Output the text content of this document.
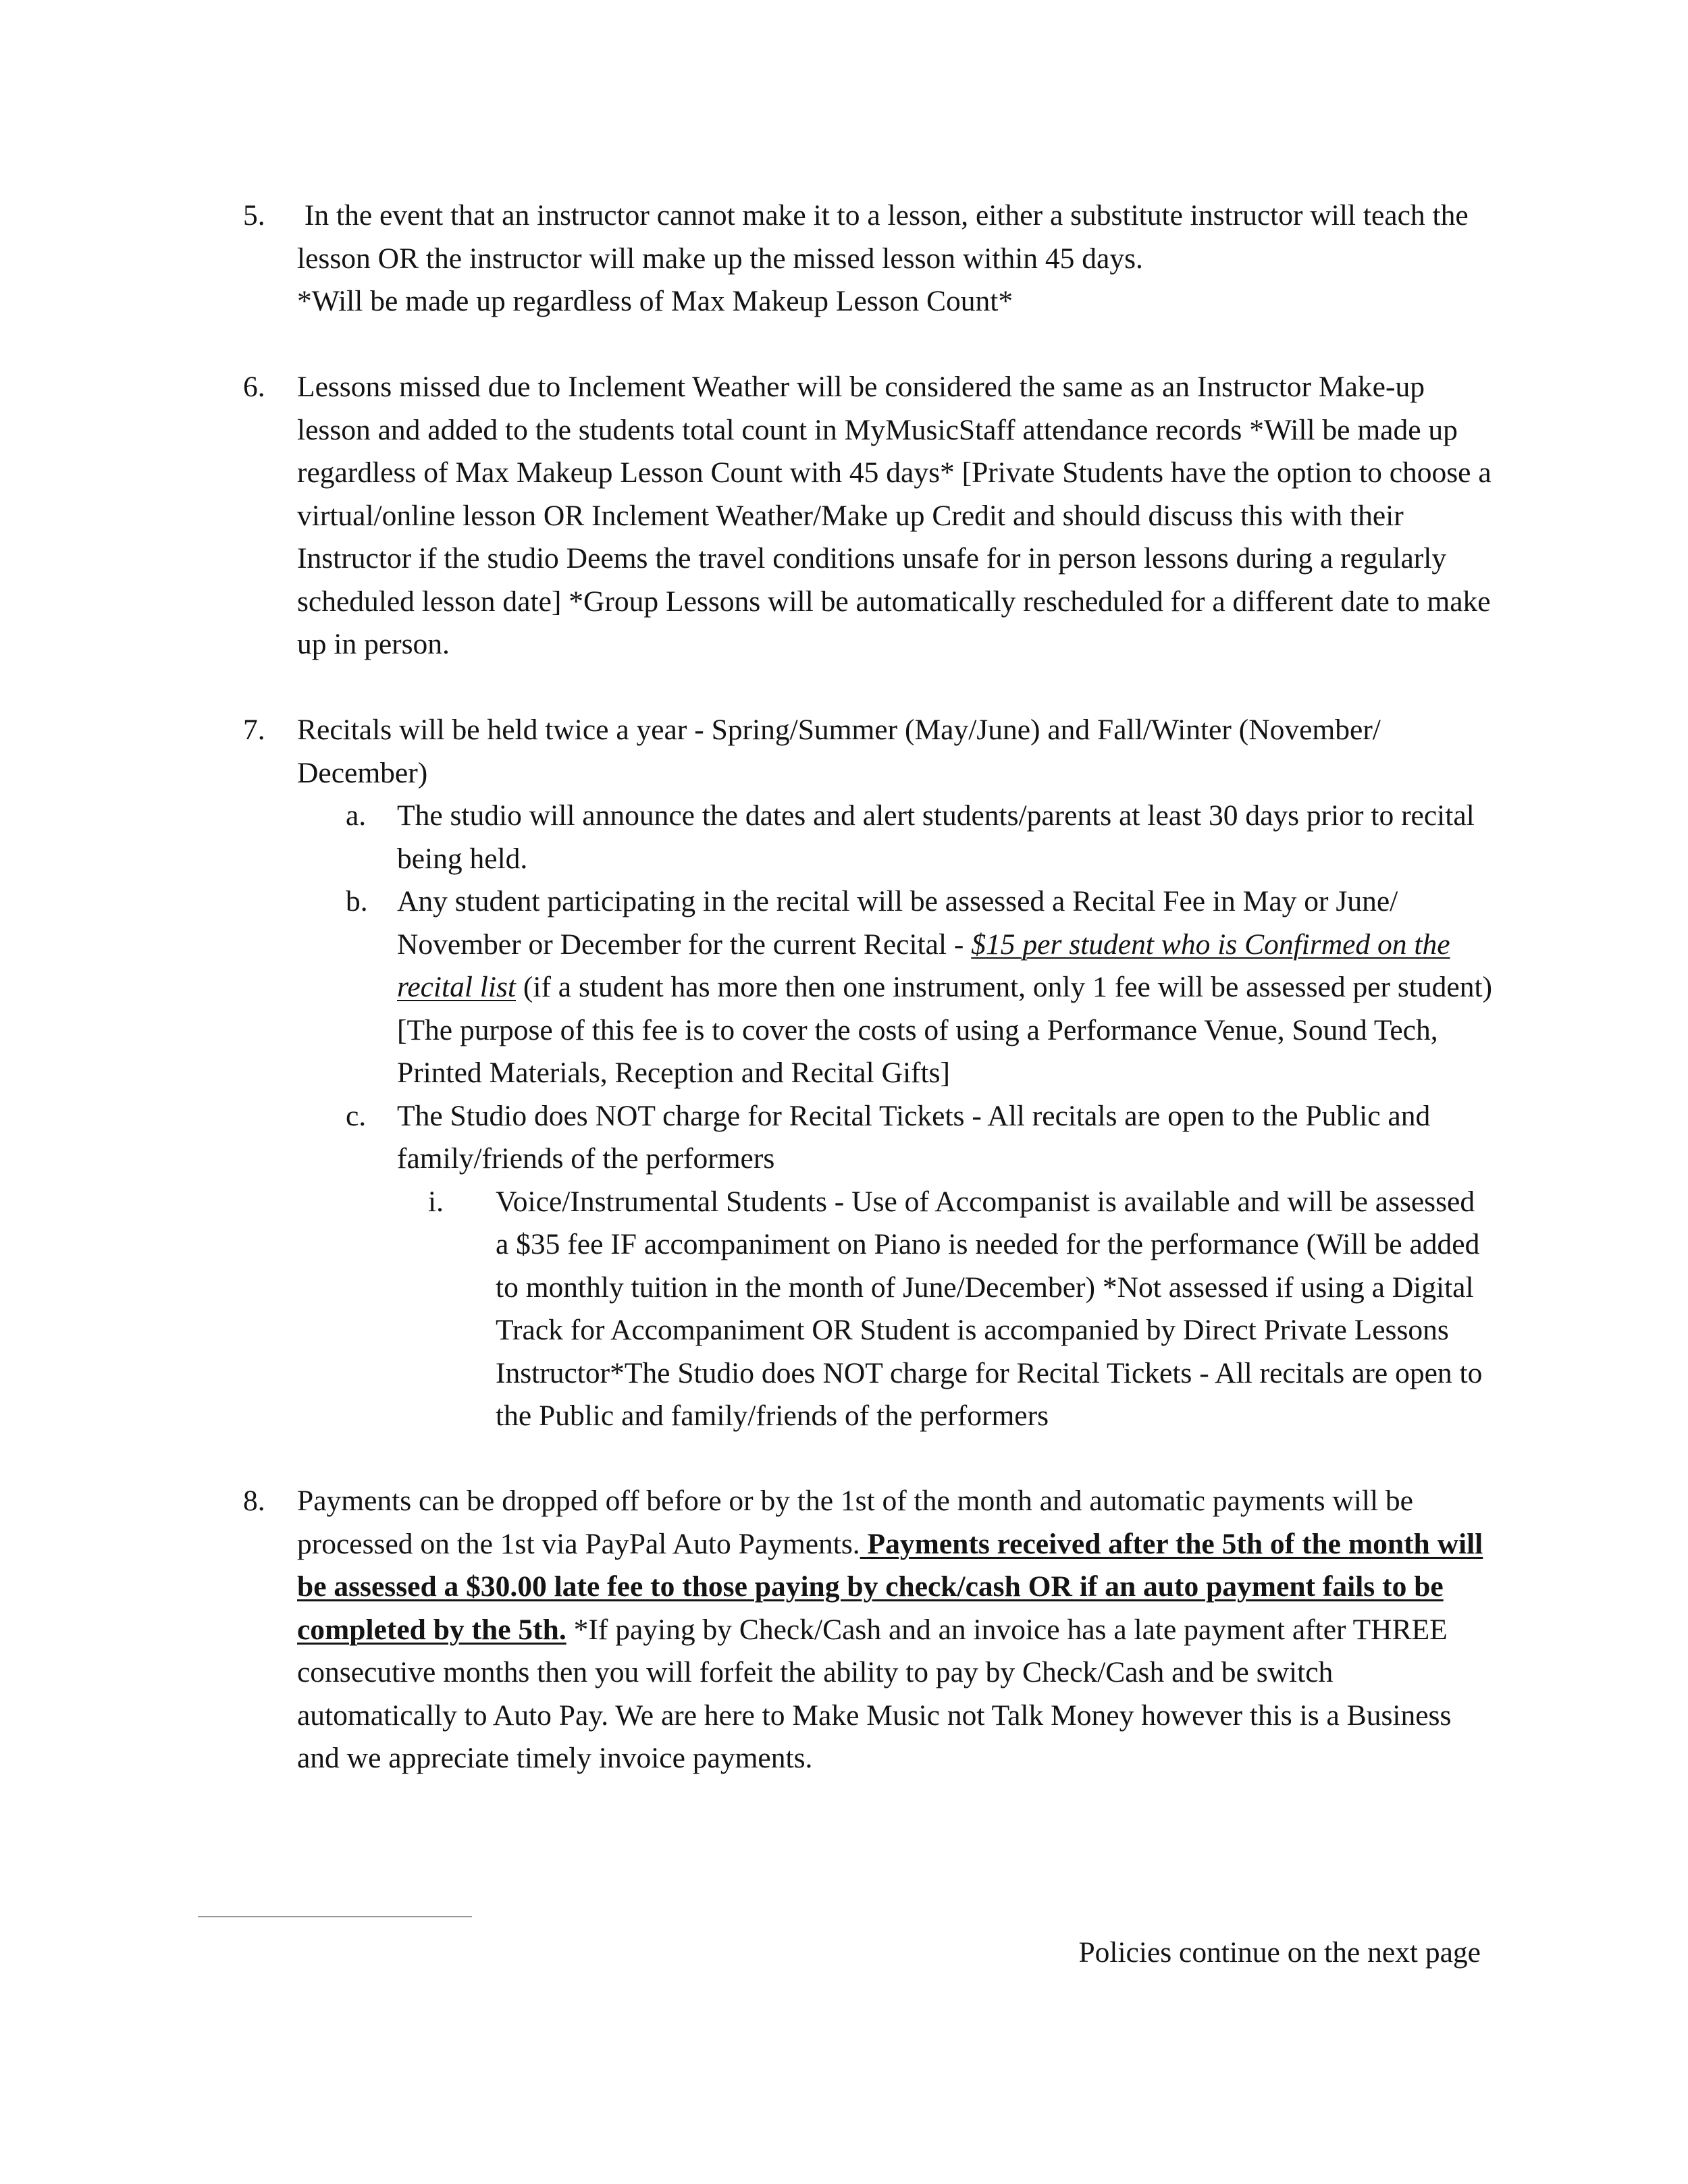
5. In the event that an instructor cannot make it to a lesson, either a substitute instructor will teach the lesson OR the instructor will make up the missed lesson within 45 days.

*Will be made up regardless of Max Makeup Lesson Count*

6. Lessons missed due to Inclement Weather will be considered the same as an Instructor Make-up lesson and added to the students total count in MyMusicStaff attendance records *Will be made up regardless of Max Makeup Lesson Count with 45 days* [Private Students have the option to choose a virtual/online lesson OR Inclement Weather/Make up Credit and should discuss this with their Instructor if the studio Deems the travel conditions unsafe for in person lessons during a regularly scheduled lesson date] *Group Lessons will be automatically rescheduled for a different date to make up in person.

7. Recitals will be held twice a year - Spring/Summer (May/June) and Fall/Winter (November/ December)

a. The studio will announce the dates and alert students/parents at least 30 days prior to recital being held.

b. Any student participating in the recital will be assessed a Recital Fee in May or June/ November or December for the current Recital - $15 per student who is Confirmed on the recital list (if a student has more then one instrument, only 1 fee will be assessed per student) [The purpose of this fee is to cover the costs of using a Performance Venue, Sound Tech, Printed Materials, Reception and Recital Gifts]

c. The Studio does NOT charge for Recital Tickets - All recitals are open to the Public and family/friends of the performers

i. Voice/Instrumental Students - Use of Accompanist is available and will be assessed a $35 fee IF accompaniment on Piano is needed for the performance (Will be added to monthly tuition in the month of June/December) *Not assessed if using a Digital Track for Accompaniment OR Student is accompanied by Direct Private Lessons Instructor*The Studio does NOT charge for Recital Tickets - All recitals are open to the Public and family/friends of the performers

8. Payments can be dropped off before or by the 1st of the month and automatic payments will be processed on the 1st via PayPal Auto Payments. Payments received after the 5th of the month will be assessed a $30.00 late fee to those paying by check/cash OR if an auto payment fails to be completed by the 5th. *If paying by Check/Cash and an invoice has a late payment after THREE consecutive months then you will forfeit the ability to pay by Check/Cash and be switch automatically to Auto Pay. We are here to Make Music not Talk Money however this is a Business and we appreciate timely invoice payments.

Policies continue on the next page
